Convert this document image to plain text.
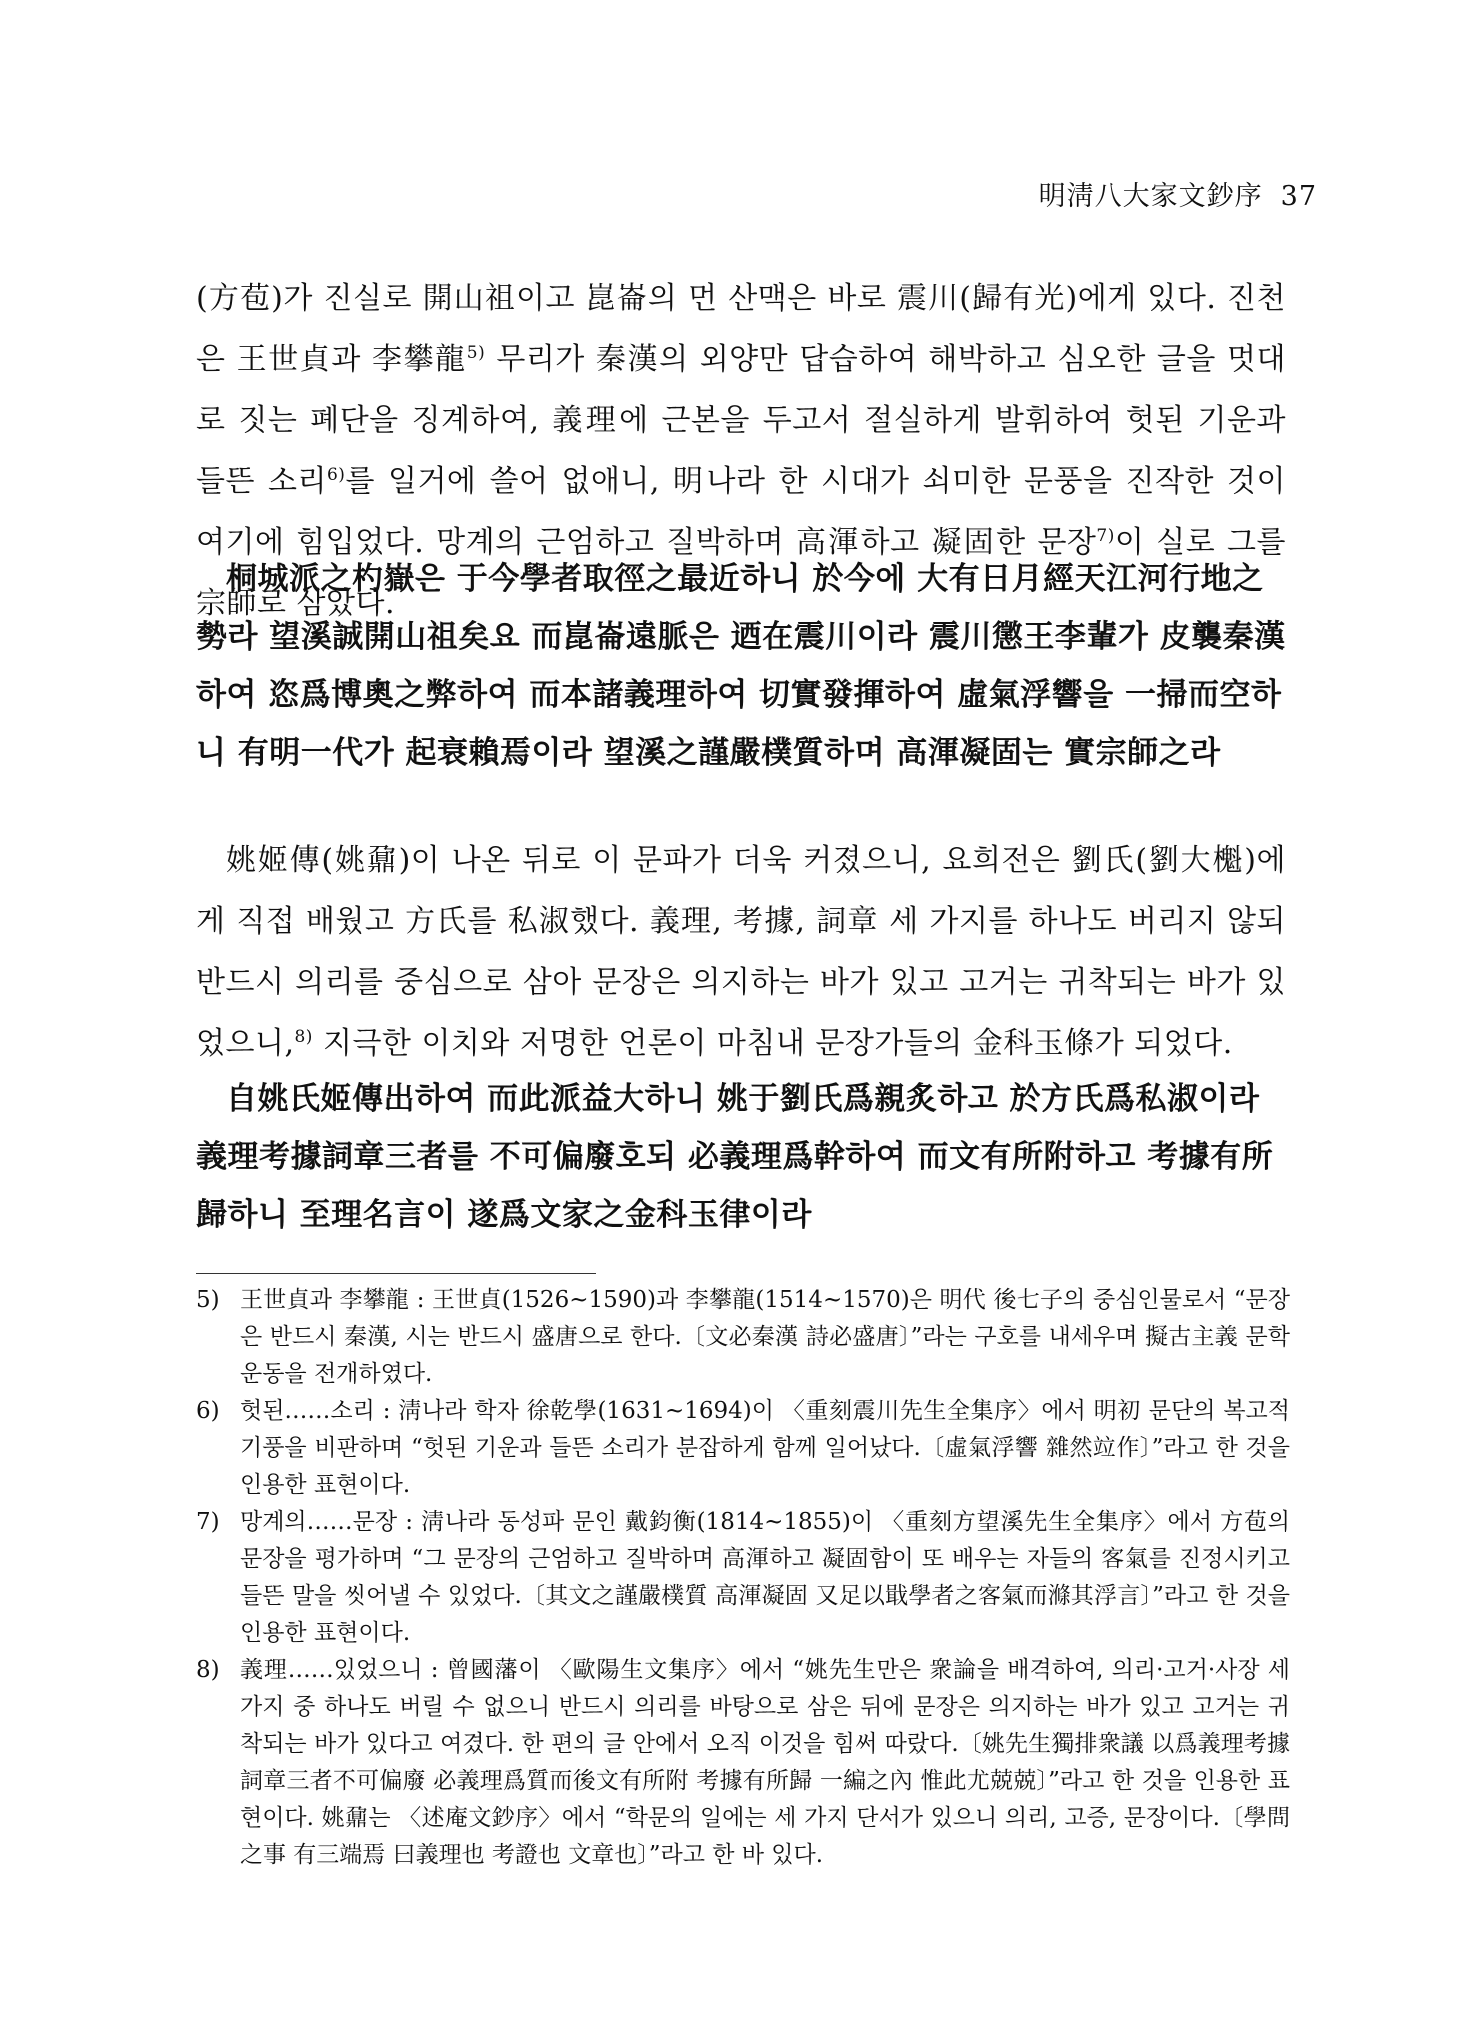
明淸八大家文鈔序 37

(方苞)가 진실로 開山祖이고 崑崙의 먼 산맥은 바로 震川(歸有光)에게 있다. 진천은 王世貞과 李攀龍$^{5)}$ 무리가 秦漢의 외양만 답습하여 해박하고 심오한 글을 멋대로 짓는 폐단을 징계하여, 義理에 근본을 두고서 절실하게 발휘하여 헛된 기운과 들뜬 소리$^{6)}$를 일거에 쓸어 없애니, 明나라 한 시대가 쇠미한 문풍을 진작한 것이 여기에 힘입었다. 망계의 근엄하고 질박하며 高渾하고 凝固한 문장$^{7)}$이 실로 그를 宗師로 삼았다.

桐城派之杓嶽은 于今學者取徑之最近하니 於今에 大有日月經天江河行地之勢라 望溪誠開山祖矣요 而崑崙遠脈은 迺在震川이라 震川懲王李輩가 皮襲秦漢하여 恣爲博奧之弊하여 而本諸義理하여 切實發揮하여 虛氣浮響을 一掃而空하니 有明一代가 起衰賴焉이라 望溪之謹嚴樸質하며 高渾凝固는 實宗師之라

姚姬傳(姚鼐)이 나온 뒤로 이 문파가 더욱 커졌으니, 요희전은 劉氏(劉大櫆)에게 직접 배웠고 方氏를 私淑했다. 義理, 考據, 詞章 세 가지를 하나도 버리지 않되 반드시 의리를 중심으로 삼아 문장은 의지하는 바가 있고 고거는 귀착되는 바가 있었으니,$^{8)}$ 지극한 이치와 저명한 언론이 마침내 문장가들의 金科玉條가 되었다.

自姚氏姬傳出하여 而此派益大하니 姚于劉氏爲親炙하고 於方氏爲私淑이라 義理考據詞章三者를 不可偏廢호되 必義理爲幹하여 而文有所附하고 考據有所歸하니 至理名言이 遂爲文家之金科玉律이라
5) 王世貞과 李攀龍 : 王世貞(1526~1590)과 李攀龍(1514~1570)은 明代 後七子의 중심인물로서 “문장은 반드시 秦漢, 시는 반드시 盛唐으로 한다.〔文必秦漢 詩必盛唐〕”라는 구호를 내세우며 擬古主義 문학 운동을 전개하였다.
6) 헛된……소리 : 淸나라 학자 徐乾學(1631~1694)이 〈重刻震川先生全集序〉에서 明初 문단의 복고적 기풍을 비판하며 “헛된 기운과 들뜬 소리가 분잡하게 함께 일어났다.〔虛氣浮響 雜然竝作〕”라고 한 것을 인용한 표현이다.
7) 망계의……문장 : 淸나라 동성파 문인 戴鈞衡(1814~1855)이 〈重刻方望溪先生全集序〉에서 方苞의 문장을 평가하며 “그 문장의 근엄하고 질박하며 高渾하고 凝固함이 또 배우는 자들의 客氣를 진정시키고 들뜬 말을 씻어낼 수 있었다.〔其文之謹嚴樸質 高渾凝固 又足以戢學者之客氣而滌其浮言〕”라고 한 것을 인용한 표현이다.
8) 義理……있었으니 : 曾國藩이 〈歐陽生文集序〉에서 “姚先生만은 衆論을 배격하여, 의리·고거·사장 세 가지 중 하나도 버릴 수 없으니 반드시 의리를 바탕으로 삼은 뒤에 문장은 의지하는 바가 있고 고거는 귀착되는 바가 있다고 여겼다. 한 편의 글 안에서 오직 이것을 힘써 따랐다.〔姚先生獨排衆議 以爲義理考據詞章三者不可偏廢 必義理爲質而後文有所附 考據有所歸 一編之內 惟此尤兢兢〕”라고 한 것을 인용한 표현이다. 姚鼐는 〈述庵文鈔序〉에서 “학문의 일에는 세 가지 단서가 있으니 의리, 고증, 문장이다.〔學問之事 有三端焉 曰義理也 考證也 文章也〕”라고 한 바 있다.
